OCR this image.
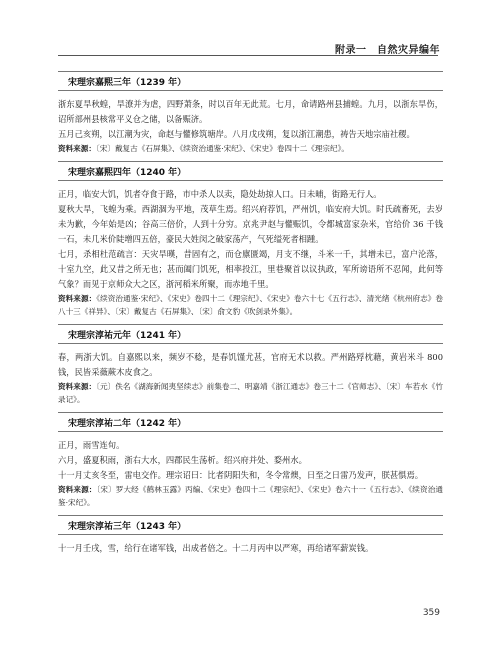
附录一　自然灾异编年
宋理宗嘉熙三年（1239 年）

浙东夏旱秋蝗，旱潦并为虐，四野萧条，时以百年无此荒。七月，命请路州县捕蝗。九月，以浙东旱伤，诏所部州县核常平义仓之储，以备赈济。

五月己亥朔，以江潮为灾，命赵与懽修筑塘岸。八月戊戌朔，复以浙江潮患，祷告天地宗庙社稷。

资料来源：〔宋〕戴复古《石屏集》、《续资治通鉴·宋纪》、《宋史》卷四十二《理宗纪》。

宋理宗嘉熙四年（1240 年）

正月，临安大饥，饥者夺食于路，市中杀人以卖，隐处劫掠人口。日未晡，街路无行人。

夏秋大旱，飞蝗为乘。西湖涸为平地，茂草生焉。绍兴府荐饥，严州饥，临安府大饥。时氏疏畜死，去岁未为歉，今年始是凶；谷高三倍价，人到十分穷。京兆尹赵与懽赈饥，令都城富家杂米，官给价 36 千钱一石，未几米价陡增四五倍，豪民大姓闵之破家荡产，气死缢死者相踵。

七月，杀相杜范疏言：天灾旱暵，昔固有之，而仓廪匮竭，月支不继，斗米一千，其增未已，富户沦落，十室九空，此又昔之所无也；甚而阖门饥死，相率投江，里巷聚首以议执政，军所谤语所不忍闻，此何等气象？而见于京师众大之区，浙河稻米所聚，而赤地千里。

资料来源：《续资治通鉴·宋纪》、《宋史》卷四十二《理宗纪》、《宋史》卷六十七《五行志》、清光绪《杭州府志》卷八十三《祥异》、〔宋〕戴复古《石屏集》、〔宋〕俞文豹《吹剑录外集》。

宋理宗淳祐元年（1241 年）

春，两浙大饥。自嘉熙以来，频岁不稔，是春饥馑尤甚，官府无术以救。严州路殍枕藉，黄岩米斗 800 钱，民皆采薇蕨木皮食之。

资料来源：〔元〕佚名《湖海新闻夷坚续志》前集卷二、明嘉靖《浙江通志》卷三十二《官师志》、〔宋〕车若水《竹录记》。

宋理宗淳祐二年（1242 年）

正月，雨雪连旬。

六月，盛夏积雨，浙右大水，四郡民生荡析。绍兴府并处、婺州水。

十一月丈亥冬至，雷电交作。理宗诏曰：比者阴阳失和，冬令常燠，日至之日雷乃发声，朕甚惧焉。

资料来源：〔宋〕罗大经《鹤林玉露》丙编、《宋史》卷四十二《理宗纪》、《宋史》卷六十一《五行志》、《续资治通鉴·宋纪》。

宋理宗淳祐三年（1243 年）

十一月壬戌，雪，给行在诸军钱，出成者倍之。十二月丙申以严寒，再给诸军薪炭钱。

359
